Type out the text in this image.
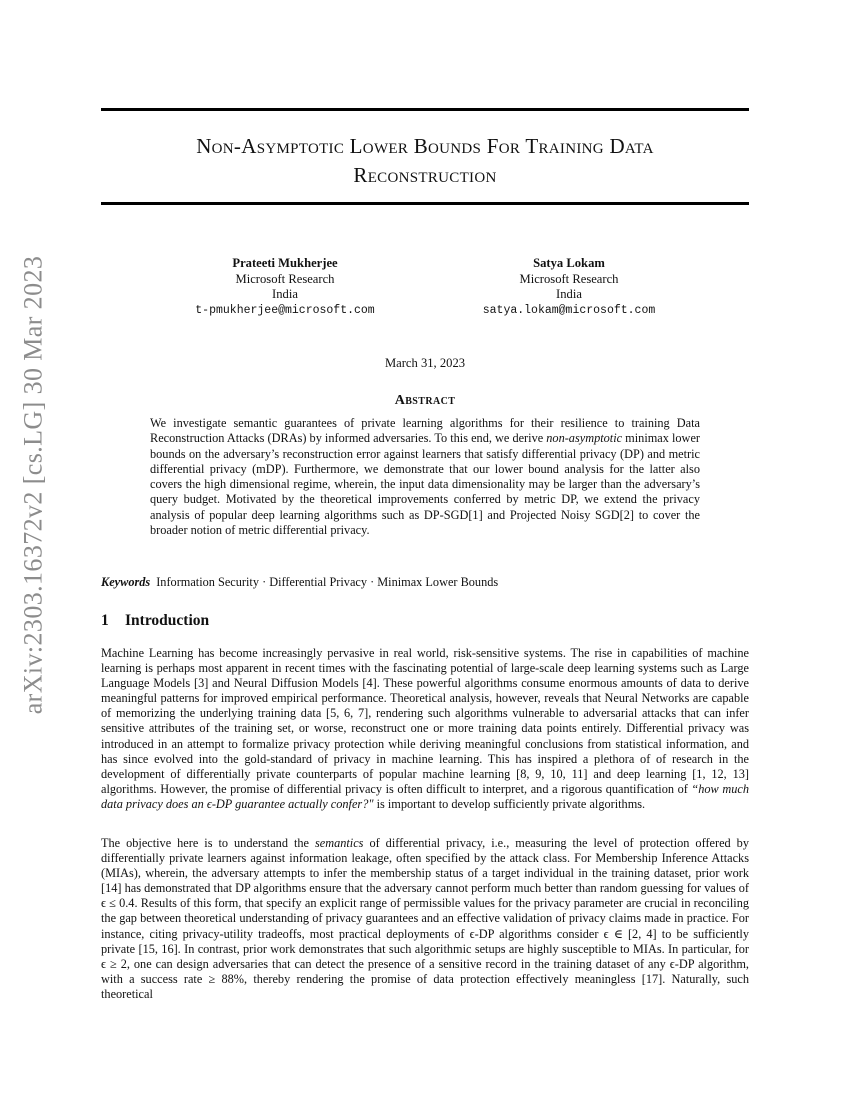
arXiv:2303.16372v2 [cs.LG] 30 Mar 2023
Non-Asymptotic Lower Bounds For Training Data
Reconstruction
Prateeti Mukherjee
Microsoft Research
India
t-pmukherjee@microsoft.com
Satya Lokam
Microsoft Research
India
satya.lokam@microsoft.com
March 31, 2023
Abstract
We investigate semantic guarantees of private learning algorithms for their resilience to training Data Reconstruction Attacks (DRAs) by informed adversaries. To this end, we derive non-asymptotic minimax lower bounds on the adversary’s reconstruction error against learners that satisfy differential privacy (DP) and metric differential privacy (mDP). Furthermore, we demonstrate that our lower bound analysis for the latter also covers the high dimensional regime, wherein, the input data dimensionality may be larger than the adversary’s query budget. Motivated by the theoretical improvements conferred by metric DP, we extend the privacy analysis of popular deep learning algorithms such as DP-SGD[1] and Projected Noisy SGD[2] to cover the broader notion of metric differential privacy.
Keywords Information Security · Differential Privacy · Minimax Lower Bounds
1 Introduction
Machine Learning has become increasingly pervasive in real world, risk-sensitive systems. The rise in capabilities of machine learning is perhaps most apparent in recent times with the fascinating potential of large-scale deep learning systems such as Large Language Models [3] and Neural Diffusion Models [4]. These powerful algorithms consume enormous amounts of data to derive meaningful patterns for improved empirical performance. Theoretical analysis, however, reveals that Neural Networks are capable of memorizing the underlying training data [5, 6, 7], rendering such algorithms vulnerable to adversarial attacks that can infer sensitive attributes of the training set, or worse, reconstruct one or more training data points entirely. Differential privacy was introduced in an attempt to formalize privacy protection while deriving meaningful conclusions from statistical information, and has since evolved into the gold-standard of privacy in machine learning. This has inspired a plethora of of research in the development of differentially private counterparts of popular machine learning [8, 9, 10, 11] and deep learning [1, 12, 13] algorithms. However, the promise of differential privacy is often difficult to interpret, and a rigorous quantification of “how much data privacy does an ϵ-DP guarantee actually confer?" is important to develop sufficiently private algorithms.
The objective here is to understand the semantics of differential privacy, i.e., measuring the level of protection offered by differentially private learners against information leakage, often specified by the attack class. For Membership Inference Attacks (MIAs), wherein, the adversary attempts to infer the membership status of a target individual in the training dataset, prior work [14] has demonstrated that DP algorithms ensure that the adversary cannot perform much better than random guessing for values of ϵ ≤ 0.4. Results of this form, that specify an explicit range of permissible values for the privacy parameter are crucial in reconciling the gap between theoretical understanding of privacy guarantees and an effective validation of privacy claims made in practice. For instance, citing privacy-utility tradeoffs, most practical deployments of ϵ-DP algorithms consider ϵ ∈ [2, 4] to be sufficiently private [15, 16]. In contrast, prior work demonstrates that such algorithmic setups are highly susceptible to MIAs. In particular, for ϵ ≥ 2, one can design adversaries that can detect the presence of a sensitive record in the training dataset of any ϵ-DP algorithm, with a success rate ≥ 88%, thereby rendering the promise of data protection effectively meaningless [17]. Naturally, such theoretical
